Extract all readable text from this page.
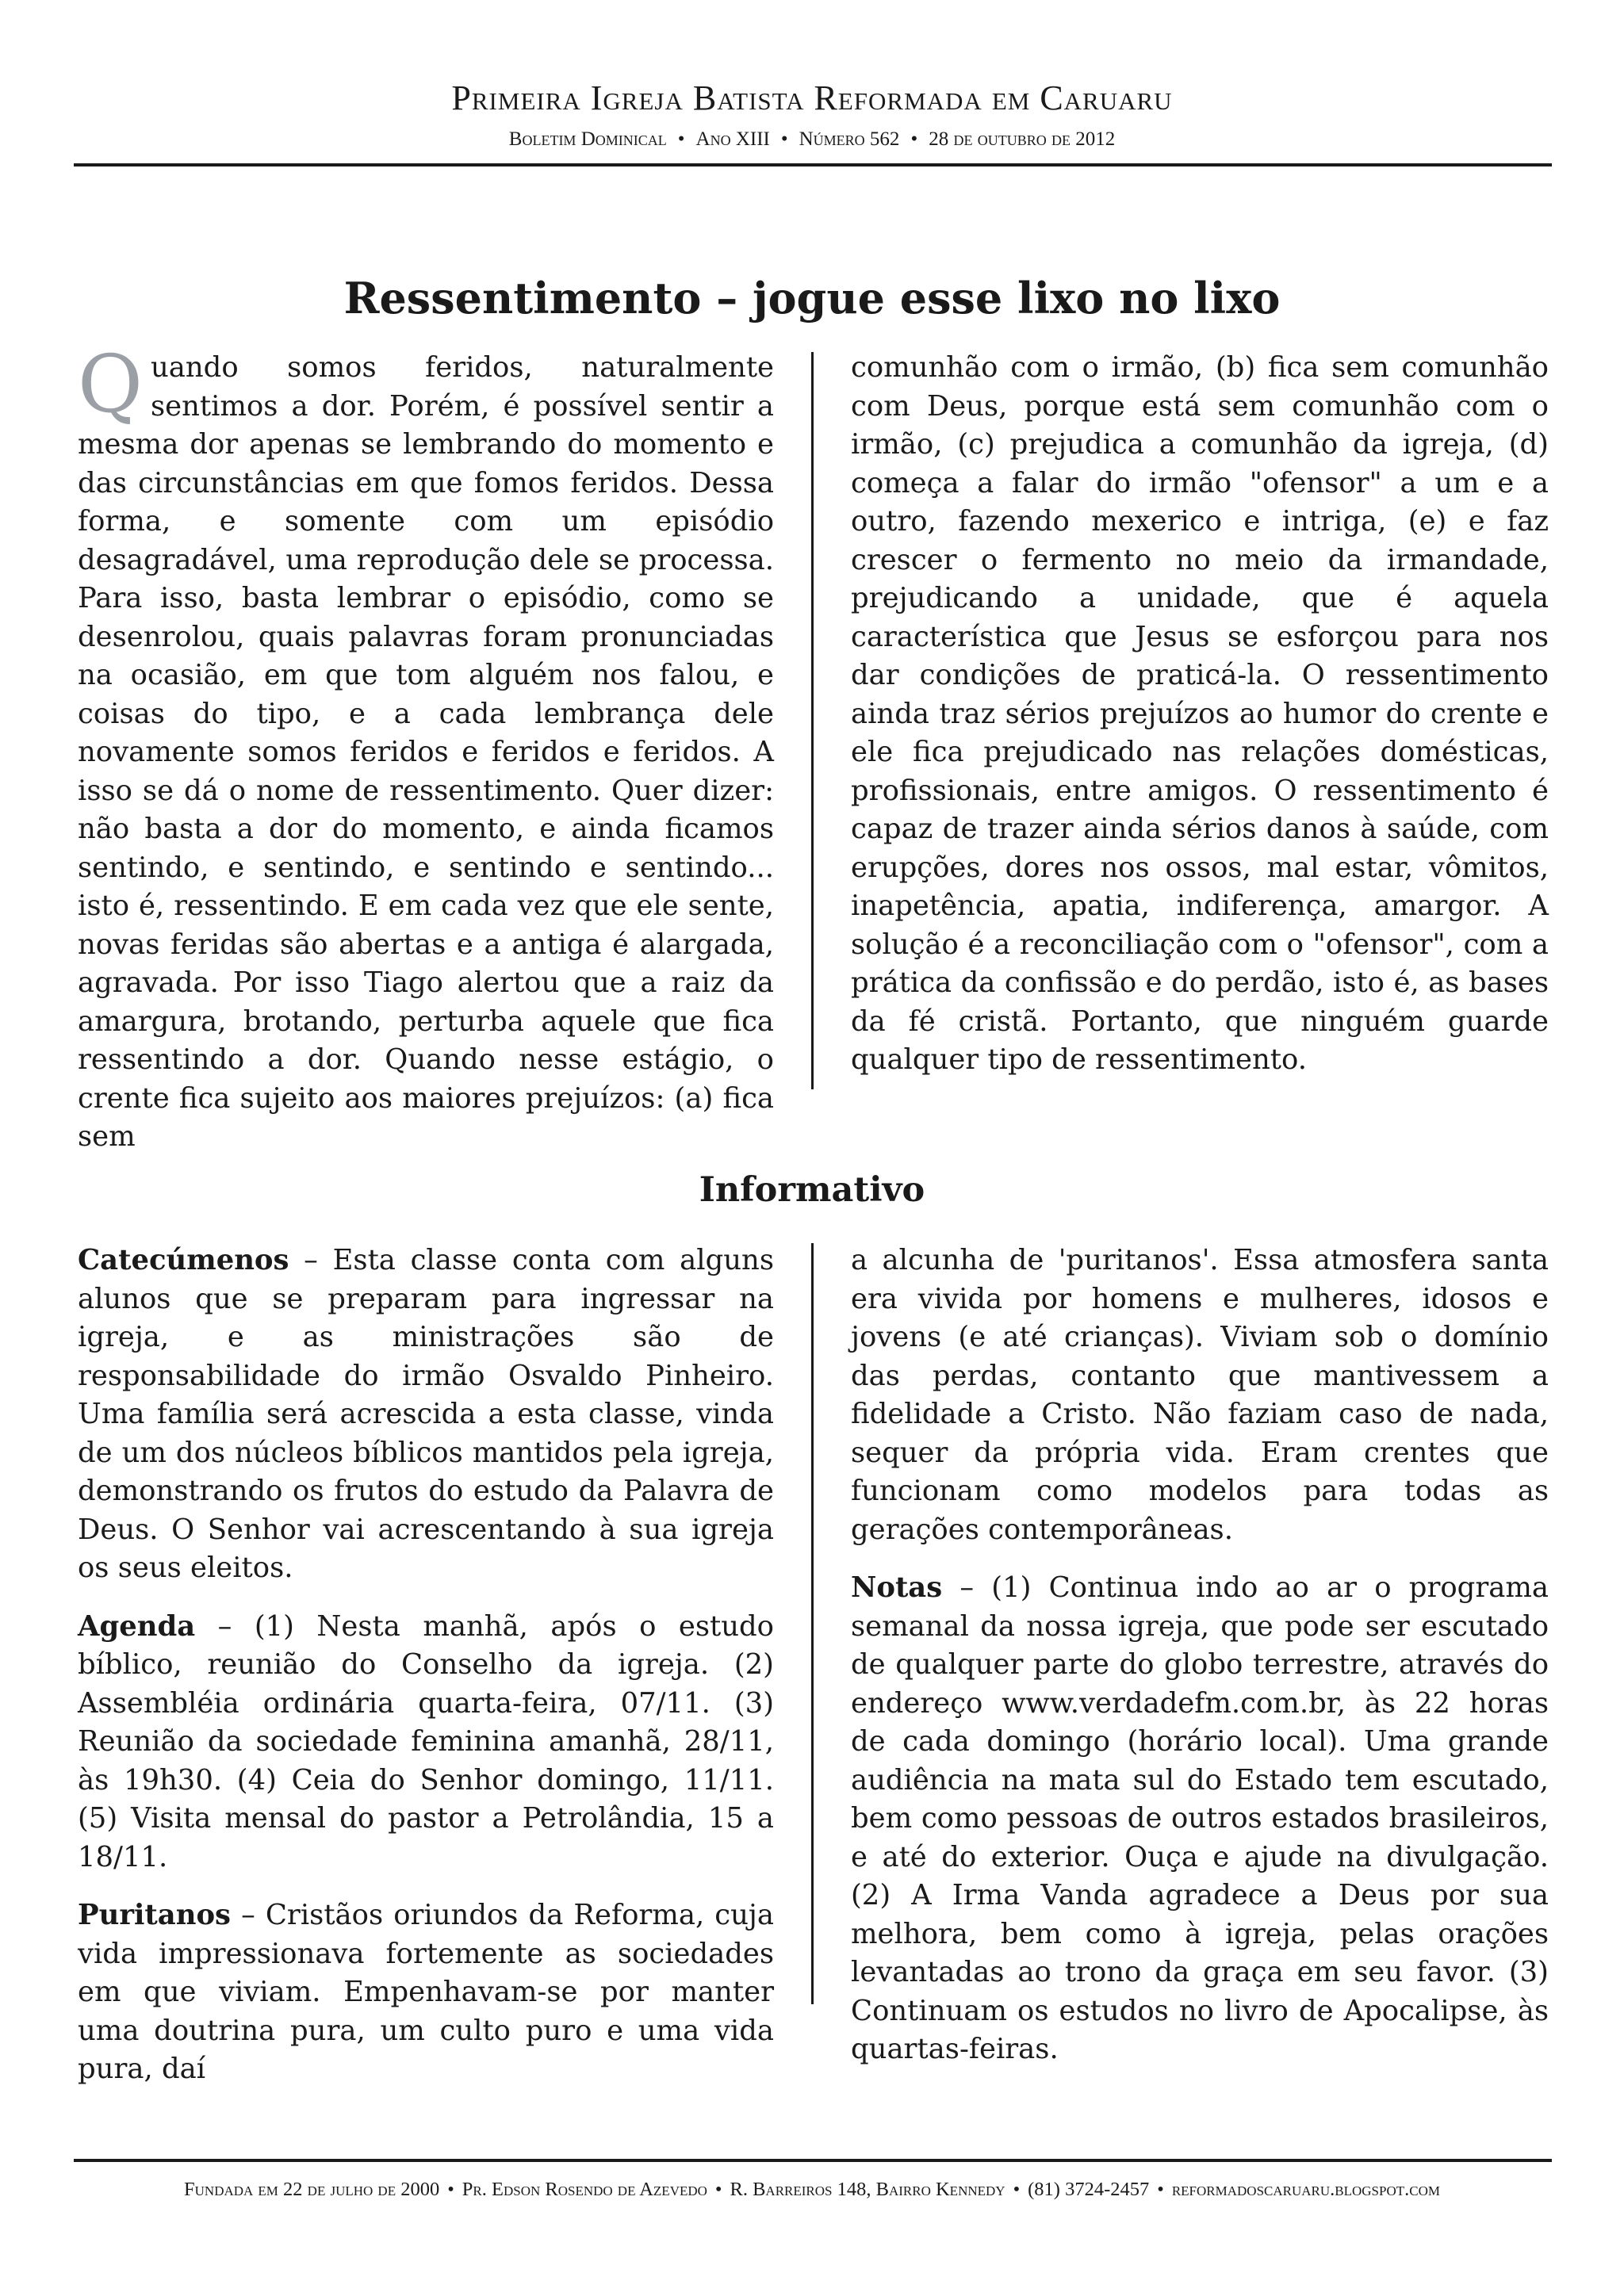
Primeira Igreja Batista Reformada em Caruaru
Boletim Dominical • Ano XIII • Número 562 • 28 de outubro de 2012
Ressentimento – jogue esse lixo no lixo

Quando somos feridos, naturalmente sentimos a dor. Porém, é possível sentir a mesma dor apenas se lembrando do momento e das circunstâncias em que fomos feridos. Dessa forma, e somente com um episódio desagradável, uma reprodução dele se processa. Para isso, basta lembrar o episódio, como se desenrolou, quais palavras foram pronunciadas na ocasião, em que tom alguém nos falou, e coisas do tipo, e a cada lembrança dele novamente somos feridos e feridos e feridos. A isso se dá o nome de ressentimento. Quer dizer: não basta a dor do momento, e ainda ficamos sentindo, e sentindo, e sentindo e sentindo... isto é, ressentindo. E em cada vez que ele sente, novas feridas são abertas e a antiga é alargada, agravada. Por isso Tiago alertou que a raiz da amargura, brotando, perturba aquele que fica ressentindo a dor. Quando nesse estágio, o crente fica sujeito aos maiores prejuízos: (a) fica sem

comunhão com o irmão, (b) fica sem comunhão com Deus, porque está sem comunhão com o irmão, (c) prejudica a comunhão da igreja, (d) começa a falar do irmão "ofensor" a um e a outro, fazendo mexerico e intriga, (e) e faz crescer o fermento no meio da irmandade, prejudicando a unidade, que é aquela característica que Jesus se esforçou para nos dar condições de praticá-la. O ressentimento ainda traz sérios prejuízos ao humor do crente e ele fica prejudicado nas relações domésticas, profissionais, entre amigos. O ressentimento é capaz de trazer ainda sérios danos à saúde, com erupções, dores nos ossos, mal estar, vômitos, inapetência, apatia, indiferença, amargor. A solução é a reconciliação com o "ofensor", com a prática da confissão e do perdão, isto é, as bases da fé cristã. Portanto, que ninguém guarde qualquer tipo de ressentimento.

Informativo

Catecúmenos – Esta classe conta com alguns alunos que se preparam para ingressar na igreja, e as ministrações são de responsabilidade do irmão Osvaldo Pinheiro. Uma família será acrescida a esta classe, vinda de um dos núcleos bíblicos mantidos pela igreja, demonstrando os frutos do estudo da Palavra de Deus. O Senhor vai acrescentando à sua igreja os seus eleitos.

Agenda – (1) Nesta manhã, após o estudo bíblico, reunião do Conselho da igreja. (2) Assembléia ordinária quarta-feira, 07/11. (3) Reunião da sociedade feminina amanhã, 28/11, às 19h30. (4) Ceia do Senhor domingo, 11/11. (5) Visita mensal do pastor a Petrolândia, 15 a 18/11.

Puritanos – Cristãos oriundos da Reforma, cuja vida impressionava fortemente as sociedades em que viviam. Empenhavam-se por manter uma doutrina pura, um culto puro e uma vida pura, daí

a alcunha de 'puritanos'. Essa atmosfera santa era vivida por homens e mulheres, idosos e jovens (e até crianças). Viviam sob o domínio das perdas, contanto que mantivessem a fidelidade a Cristo. Não faziam caso de nada, sequer da própria vida. Eram crentes que funcionam como modelos para todas as gerações contemporâneas.

Notas – (1) Continua indo ao ar o programa semanal da nossa igreja, que pode ser escutado de qualquer parte do globo terrestre, através do endereço www.verdadefm.com.br, às 22 horas de cada domingo (horário local). Uma grande audiência na mata sul do Estado tem escutado, bem como pessoas de outros estados brasileiros, e até do exterior. Ouça e ajude na divulgação. (2) A Irma Vanda agradece a Deus por sua melhora, bem como à igreja, pelas orações levantadas ao trono da graça em seu favor. (3) Continuam os estudos no livro de Apocalipse, às quartas-feiras.

Fundada em 22 de julho de 2000 • Pr. Edson Rosendo de Azevedo • R. Barreiros 148, Bairro Kennedy • (81) 3724-2457 • reformadoscaruaru.blogspot.com
